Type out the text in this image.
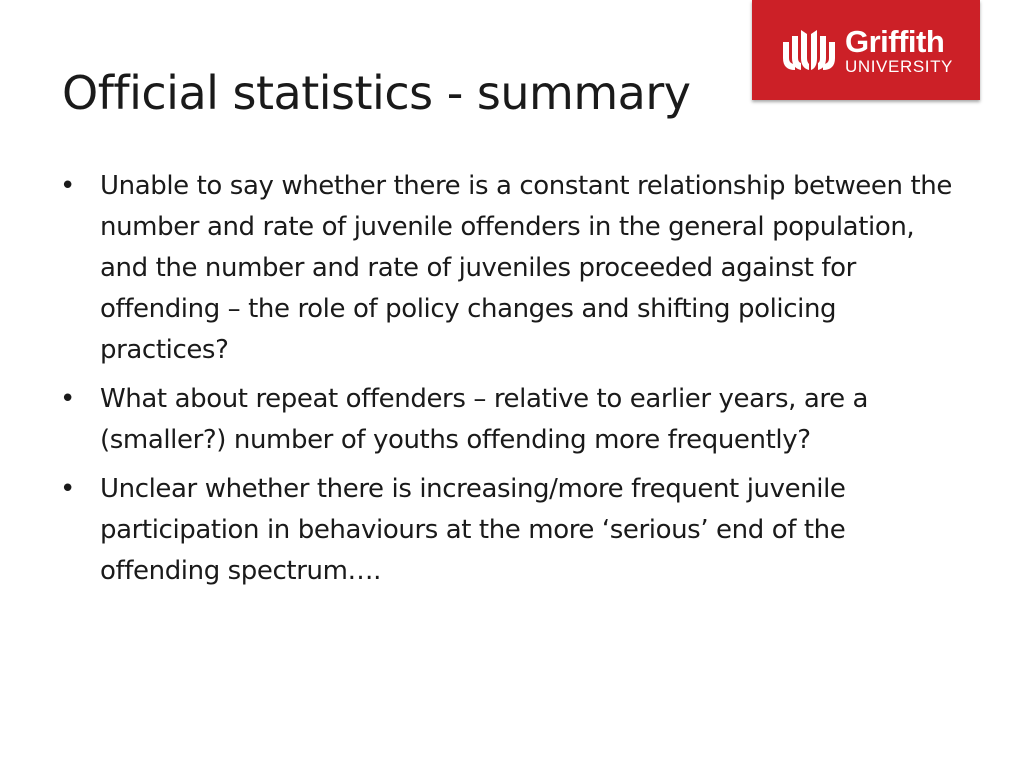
Griffith
UNIVERSITY
Official statistics - summary
• Unable to say whether there is a constant relationship between the number and rate of juvenile offenders in the general population, and the number and rate of juveniles proceeded against for offending – the role of policy changes and shifting policing practices?
• What about repeat offenders – relative to earlier years, are a (smaller?) number of youths offending more frequently?
• Unclear whether there is increasing/more frequent juvenile participation in behaviours at the more ‘serious’ end of the offending spectrum….
